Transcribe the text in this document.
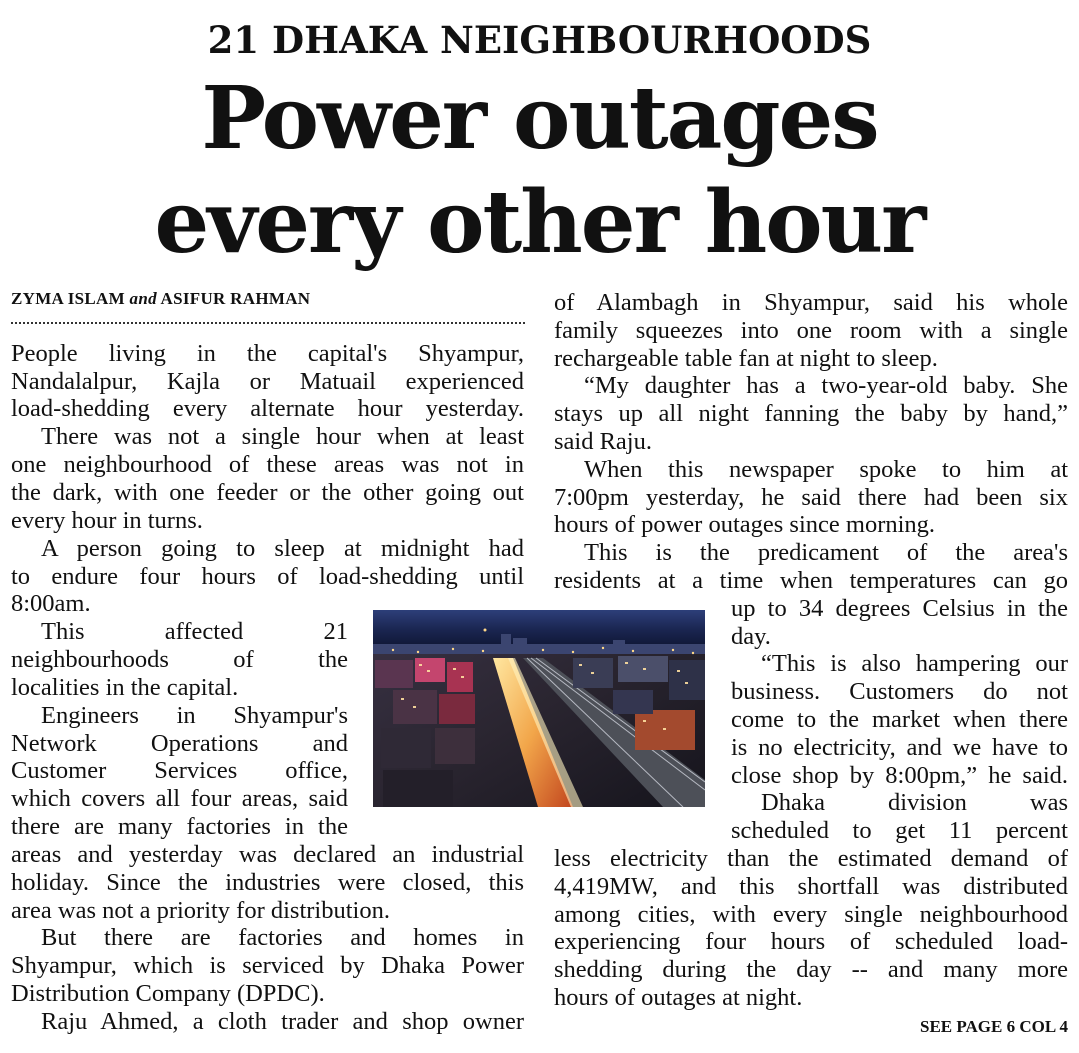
21 DHAKA NEIGHBOURHOODS
Power outages
every other hour
ZYMA ISLAM and ASIFUR RAHMAN
People living in the capital's Shyampur,
Nandalalpur, Kajla or Matuail experienced
load-shedding every alternate hour yesterday.
There was not a single hour when at least
one neighbourhood of these areas was not in
the dark, with one feeder or the other going out
every hour in turns.
A person going to sleep at midnight had
to endure four hours of load-shedding until
8:00am.
This affected 21
neighbourhoods of the
localities in the capital.
Engineers in Shyampur's
Network Operations and
Customer Services office,
which covers all four areas, said
there are many factories in the
areas and yesterday was declared an industrial
holiday. Since the industries were closed, this
area was not a priority for distribution.
But there are factories and homes in
Shyampur, which is serviced by Dhaka Power
Distribution Company (DPDC).
Raju Ahmed, a cloth trader and shop owner
of Alambagh in Shyampur, said his whole
family squeezes into one room with a single
rechargeable table fan at night to sleep.
“My daughter has a two-year-old baby. She
stays up all night fanning the baby by hand,”
said Raju.
When this newspaper spoke to him at
7:00pm yesterday, he said there had been six
hours of power outages since morning.
This is the predicament of the area's
residents at a time when temperatures can go
up to 34 degrees Celsius in the
day.
“This is also hampering our
business. Customers do not
come to the market when there
is no electricity, and we have to
close shop by 8:00pm,” he said.
Dhaka division was
scheduled to get 11 percent
less electricity than the estimated demand of
4,419MW, and this shortfall was distributed
among cities, with every single neighbourhood
experiencing four hours of scheduled load-
shedding during the day -- and many more
hours of outages at night.
SEE PAGE 6 COL 4
